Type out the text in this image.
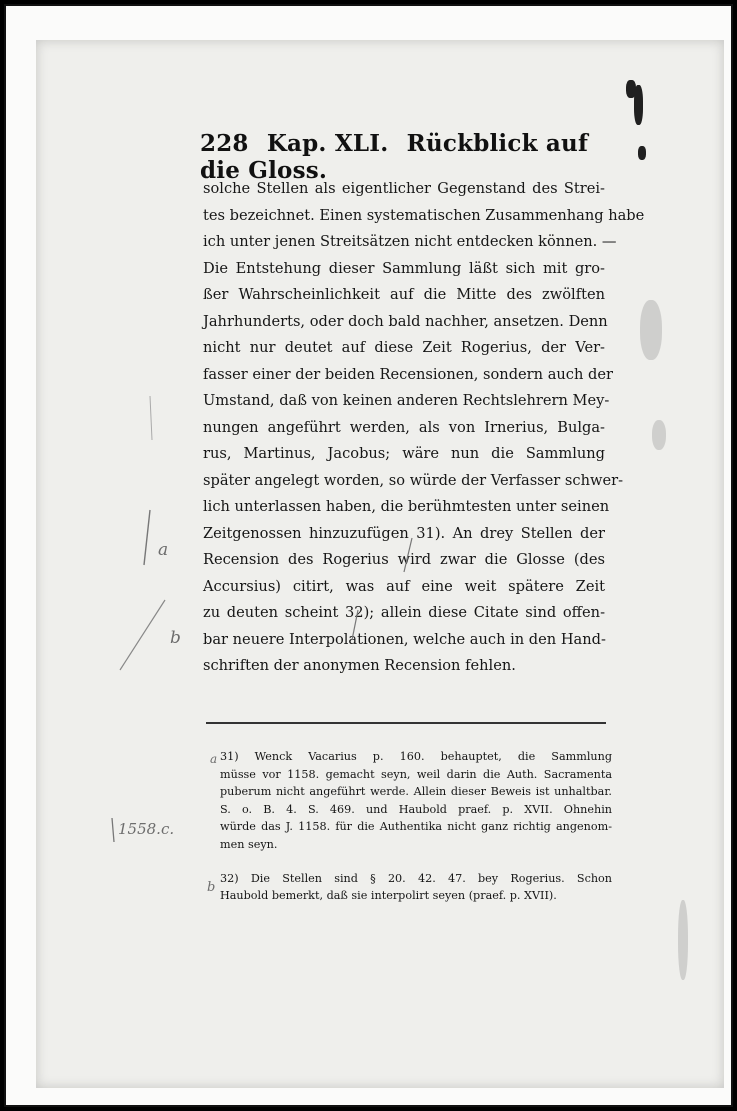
228 Kap. XLI. Rückblick auf die Gloss.
solche Stellen als eigentlicher Gegenstand des Strei-
tes bezeichnet. Einen systematischen Zusammenhang habe
ich unter jenen Streitsätzen nicht entdecken können. —
Die Entstehung dieser Sammlung läßt sich mit gro-
ßer Wahrscheinlichkeit auf die Mitte des zwölften
Jahrhunderts, oder doch bald nachher, ansetzen. Denn
nicht nur deutet auf diese Zeit Rogerius, der Ver-
fasser einer der beiden Recensionen, sondern auch der
Umstand, daß von keinen anderen Rechtslehrern Mey-
nungen angeführt werden, als von Irnerius, Bulga-
rus, Martinus, Jacobus; wäre nun die Sammlung
später angelegt worden, so würde der Verfasser schwer-
lich unterlassen haben, die berühmtesten unter seinen
Zeitgenossen hinzuzufügen 31). An drey Stellen der
Recension des Rogerius wird zwar die Glosse (des
Accursius) citirt, was auf eine weit spätere Zeit
zu deuten scheint 32); allein diese Citate sind offen-
bar neuere Interpolationen, welche auch in den Hand-
schriften der anonymen Recension fehlen.
31) Wenck Vacarius p. 160. behauptet, die Sammlung
müsse vor 1158. gemacht seyn, weil darin die Auth. Sacramenta
puberum nicht angeführt werde. Allein dieser Beweis ist unhaltbar.
S. o. B. 4. S. 469. und Haubold praef. p. XVII. Ohnehin
würde das J. 1158. für die Authentika nicht ganz richtig angenom-
men seyn.
32) Die Stellen sind § 20. 42. 47. bey Rogerius. Schon
Haubold bemerkt, daß sie interpolirt seyen (praef. p. XVII).
a
b
1558.c.
a
b
